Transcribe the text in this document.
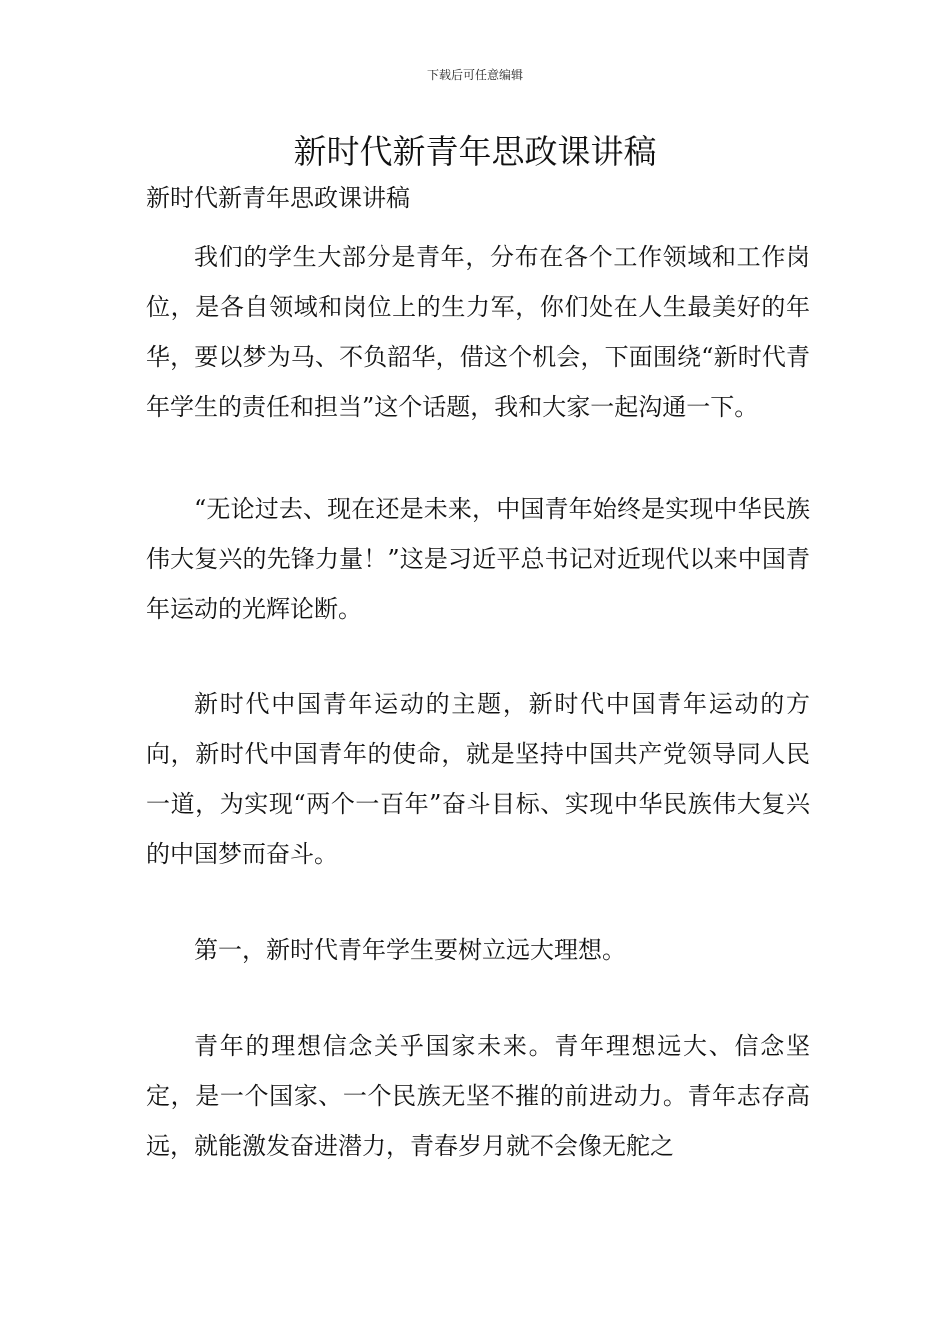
下载后可任意编辑
新时代新青年思政课讲稿

新时代新青年思政课讲稿

我们的学生大部分是青年，分布在各个工作领域和工作岗位，是各自领域和岗位上的生力军，你们处在人生最美好的年华，要以梦为马、不负韶华，借这个机会，下面围绕“新时代青年学生的责任和担当”这个话题，我和大家一起沟通一下。

“无论过去、现在还是未来，中国青年始终是实现中华民族伟大复兴的先锋力量！”这是习近平总书记对近现代以来中国青年运动的光辉论断。

新时代中国青年运动的主题，新时代中国青年运动的方向，新时代中国青年的使命，就是坚持中国共产党领导同人民一道，为实现“两个一百年”奋斗目标、实现中华民族伟大复兴的中国梦而奋斗。

第一，新时代青年学生要树立远大理想。

青年的理想信念关乎国家未来。青年理想远大、信念坚定，是一个国家、一个民族无坚不摧的前进动力。青年志存高远，就能激发奋进潜力，青春岁月就不会像无舵之
